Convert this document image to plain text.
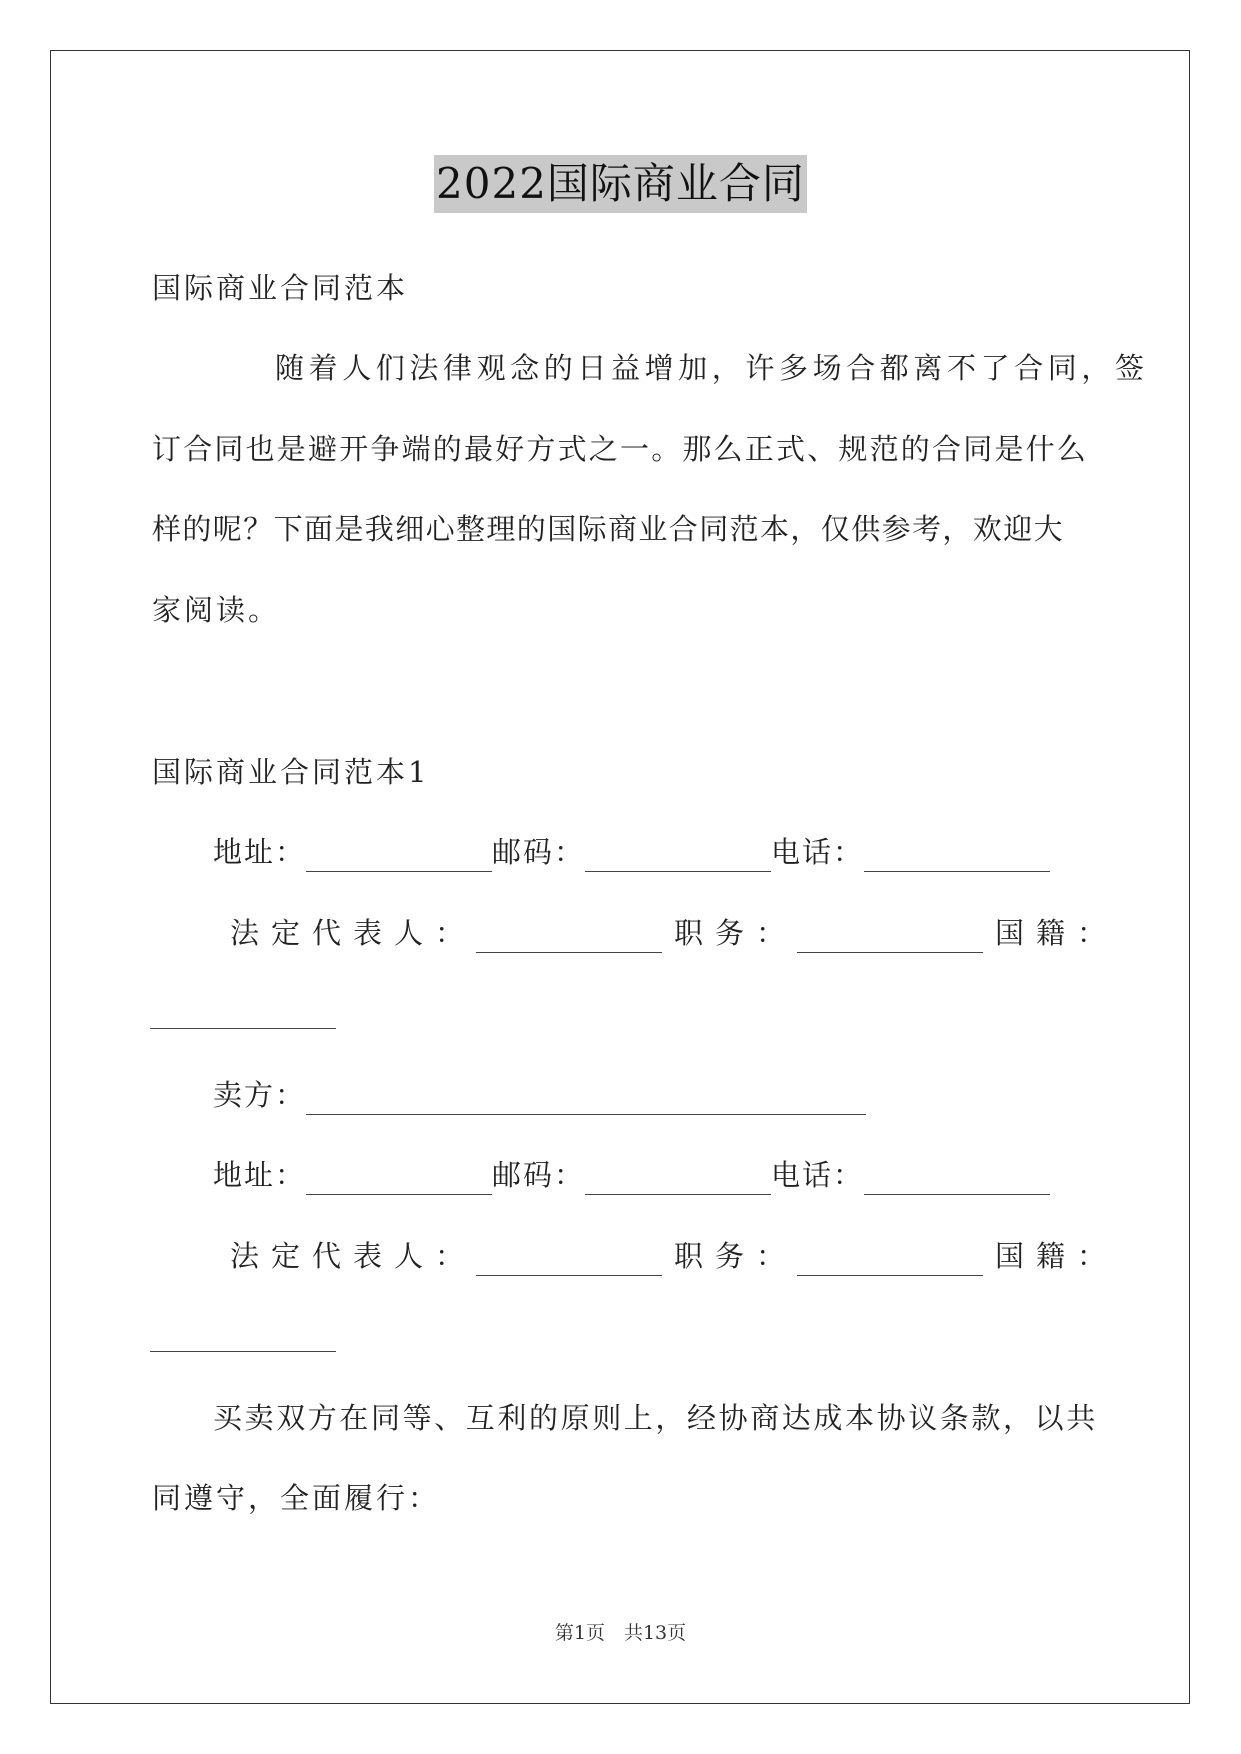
2022国际商业合同
国际商业合同范本
随着人们法律观念的日益增加，许多场合都离不了合同，签
订合同也是避开争端的最好方式之一。那么正式、规范的合同是什么
样的呢？下面是我细心整理的国际商业合同范本，仅供参考，欢迎大
家阅读。
国际商业合同范本1
地址：	邮码：	电话：
法定代表人：	职务：	国籍：
卖方：
地址：	邮码：	电话：
法定代表人：	职务：	国籍：
买卖双方在同等、互利的原则上，经协商达成本协议条款，以共
同遵守，全面履行：
第1页　共13页
